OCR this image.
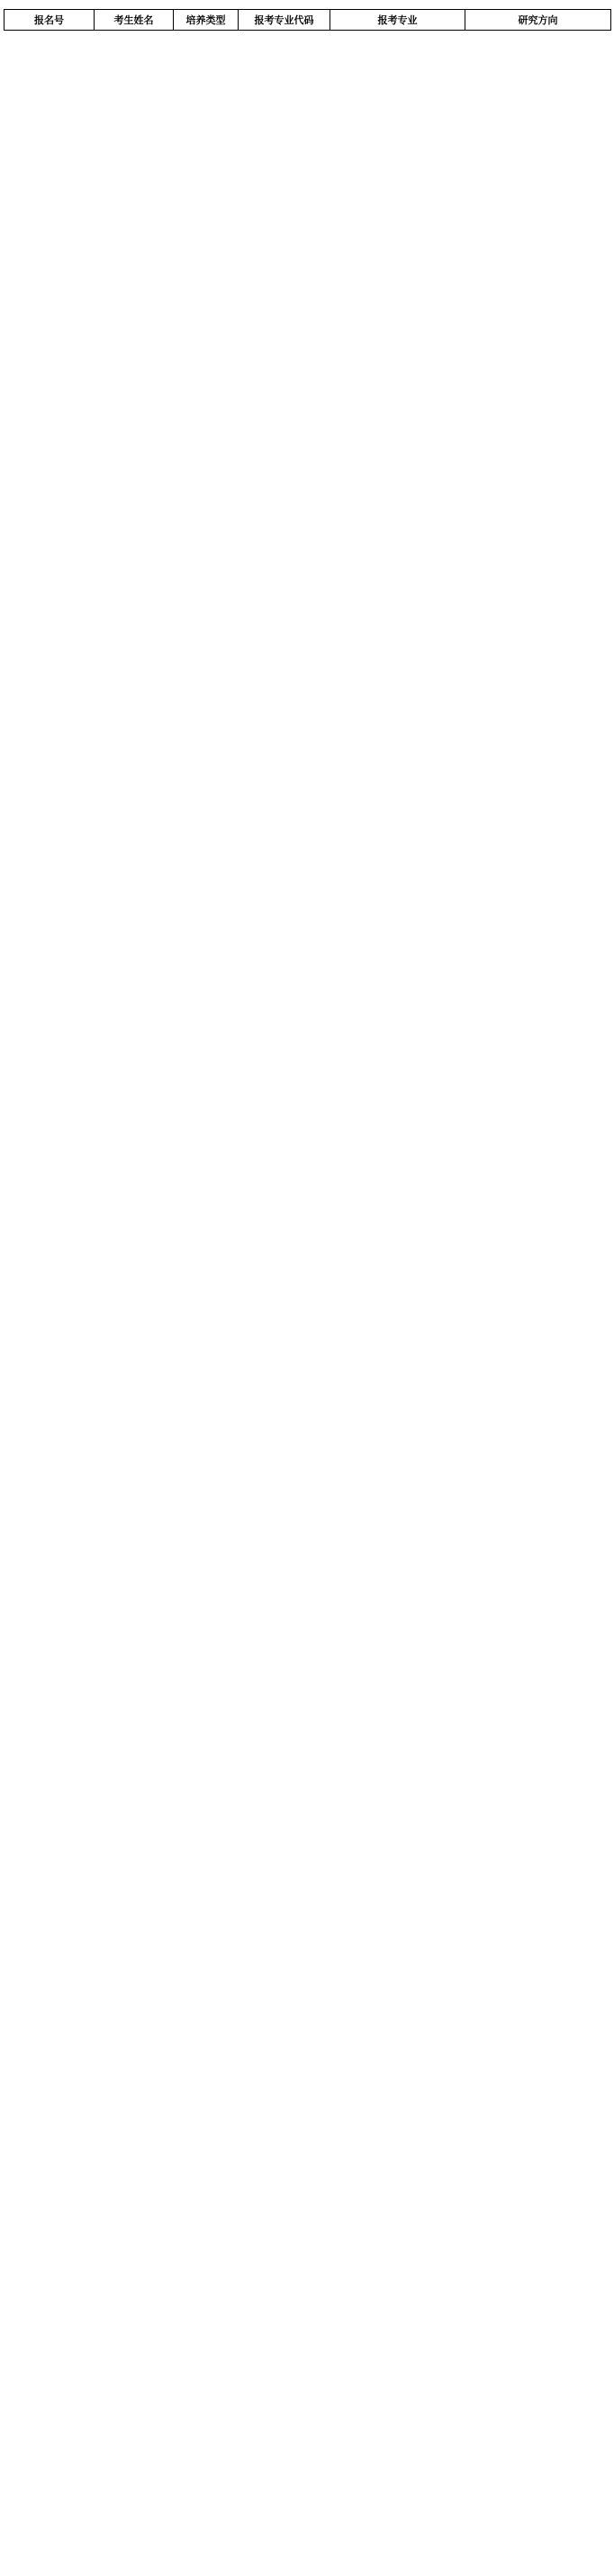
报名号	考生姓名	培养类型	报考专业代码	报考专业	研究方向
